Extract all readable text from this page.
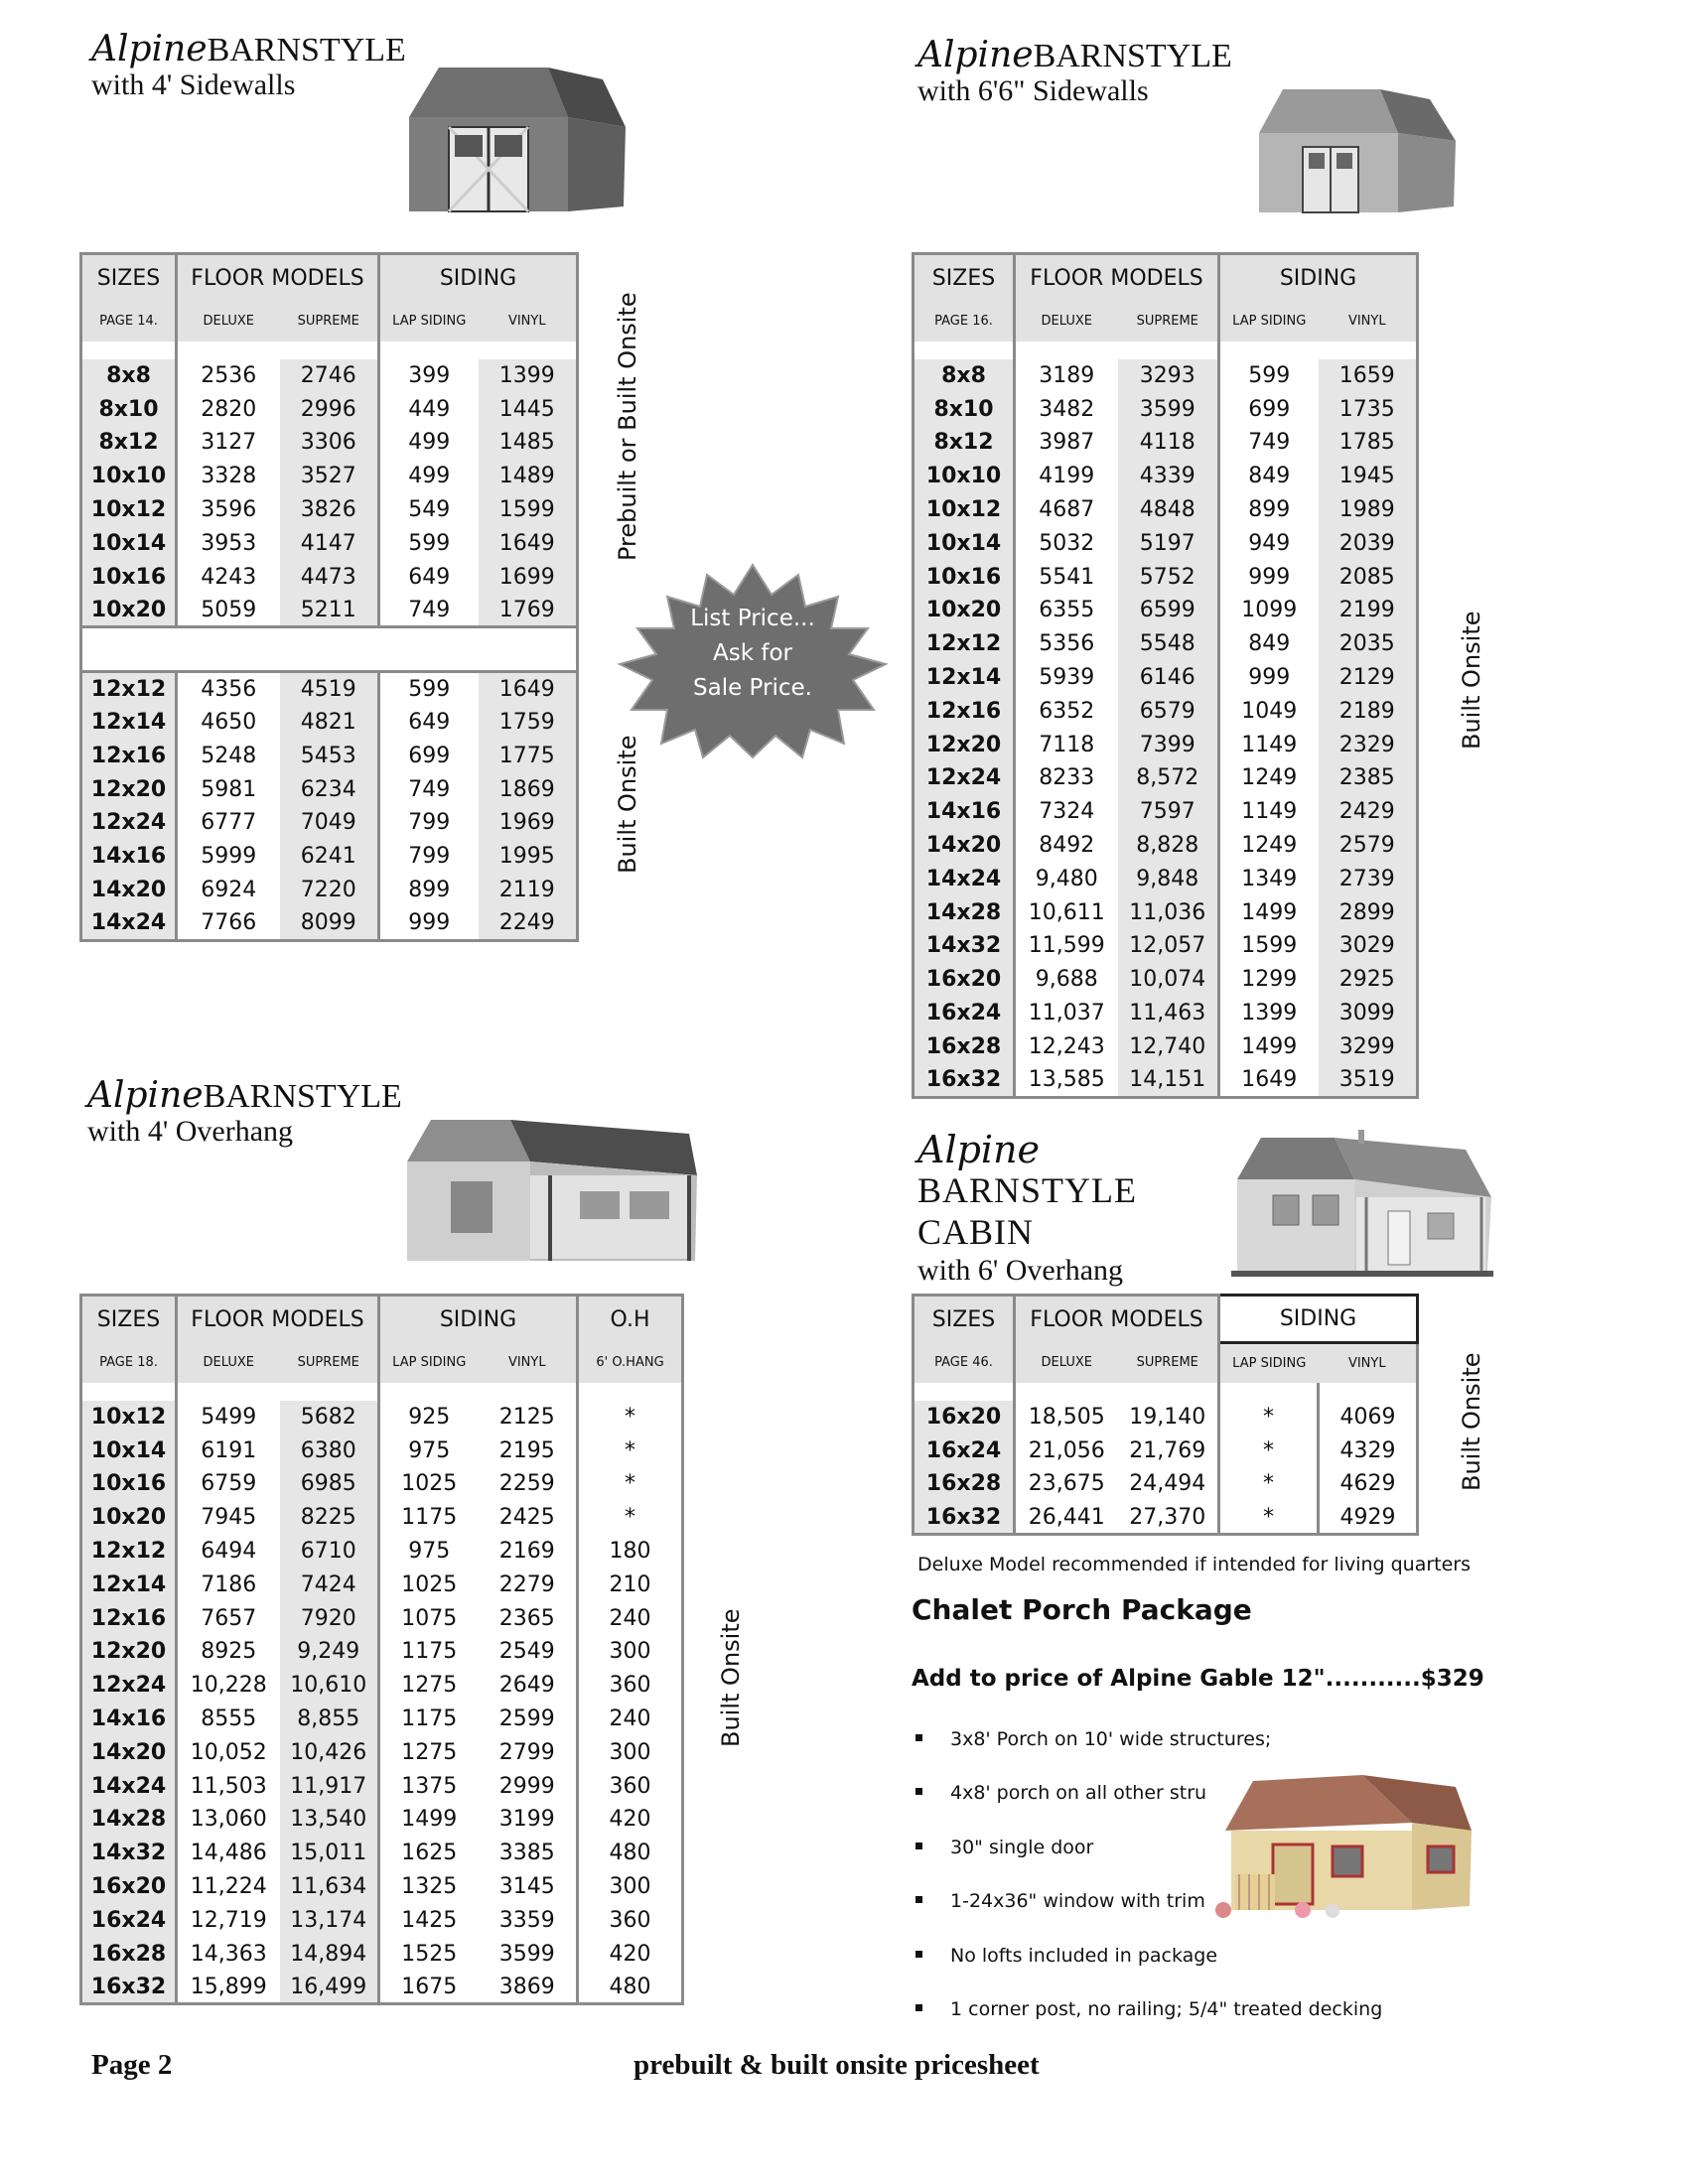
AlpineBARNSTYLE
with 4' Sidewalls
SIZES	FLOOR MODELS		SIDING	
PAGE 14.	DELUXE	SUPREME	LAP SIDING	VINYL

8x8	2536	2746	399	1399
8x10	2820	2996	449	1445
8x12	3127	3306	499	1485
10x10	3328	3527	499	1489
10x12	3596	3826	549	1599
10x14	3953	4147	599	1649
10x16	4243	4473	649	1699
10x20	5059	5211	749	1769

12x12	4356	4519	599	1649
12x14	4650	4821	649	1759
12x16	5248	5453	699	1775
12x20	5981	6234	749	1869
12x24	6777	7049	799	1969
14x16	5999	6241	799	1995
14x20	6924	7220	899	2119
14x24	7766	8099	999	2249
Prebuilt or Built Onsite
Built Onsite
List Price...
Ask for
Sale Price.
AlpineBARNSTYLE
with 6'6" Sidewalls
SIZES	FLOOR MODELS		SIDING	
PAGE 16.	DELUXE	SUPREME	LAP SIDING	VINYL

8x8	3189	3293	599	1659
8x10	3482	3599	699	1735
8x12	3987	4118	749	1785
10x10	4199	4339	849	1945
10x12	4687	4848	899	1989
10x14	5032	5197	949	2039
10x16	5541	5752	999	2085
10x20	6355	6599	1099	2199
12x12	5356	5548	849	2035
12x14	5939	6146	999	2129
12x16	6352	6579	1049	2189
12x20	7118	7399	1149	2329
12x24	8233	8,572	1249	2385
14x16	7324	7597	1149	2429
14x20	8492	8,828	1249	2579
14x24	9,480	9,848	1349	2739
14x28	10,611	11,036	1499	2899
14x32	11,599	12,057	1599	3029
16x20	9,688	10,074	1299	2925
16x24	11,037	11,463	1399	3099
16x28	12,243	12,740	1499	3299
16x32	13,585	14,151	1649	3519
Built Onsite
AlpineBARNSTYLE
with 4' Overhang
SIZES	FLOOR MODELS		SIDING		O.H
PAGE 18.	DELUXE	SUPREME	LAP SIDING	VINYL	6' O.HANG

10x12	5499	5682	925	2125	*
10x14	6191	6380	975	2195	*
10x16	6759	6985	1025	2259	*
10x20	7945	8225	1175	2425	*
12x12	6494	6710	975	2169	180
12x14	7186	7424	1025	2279	210
12x16	7657	7920	1075	2365	240
12x20	8925	9,249	1175	2549	300
12x24	10,228	10,610	1275	2649	360
14x16	8555	8,855	1175	2599	240
14x20	10,052	10,426	1275	2799	300
14x24	11,503	11,917	1375	2999	360
14x28	13,060	13,540	1499	3199	420
14x32	14,486	15,011	1625	3385	480
16x20	11,224	11,634	1325	3145	300
16x24	12,719	13,174	1425	3359	360
16x28	14,363	14,894	1525	3599	420
16x32	15,899	16,499	1675	3869	480
Built Onsite
Alpine
BARNSTYLE
CABIN
with 6' Overhang
SIZES	FLOOR MODELS		SIDING	
PAGE 46.	DELUXE	SUPREME	LAP SIDING	VINYL

16x20	18,505	19,140	*	4069
16x24	21,056	21,769	*	4329
16x28	23,675	24,494	*	4629
16x32	26,441	27,370	*	4929
Built Onsite
Deluxe Model recommended if intended for living quarters
Chalet Porch Package
Add to price of Alpine Gable 12"...........$329
3x8' Porch on 10' wide structures;
4x8' porch on all other stru
30" single door
1-24x36" window with trim
No lofts included in package
1 corner post, no railing; 5/4" treated decking
Page 2	prebuilt & built onsite pricesheet
